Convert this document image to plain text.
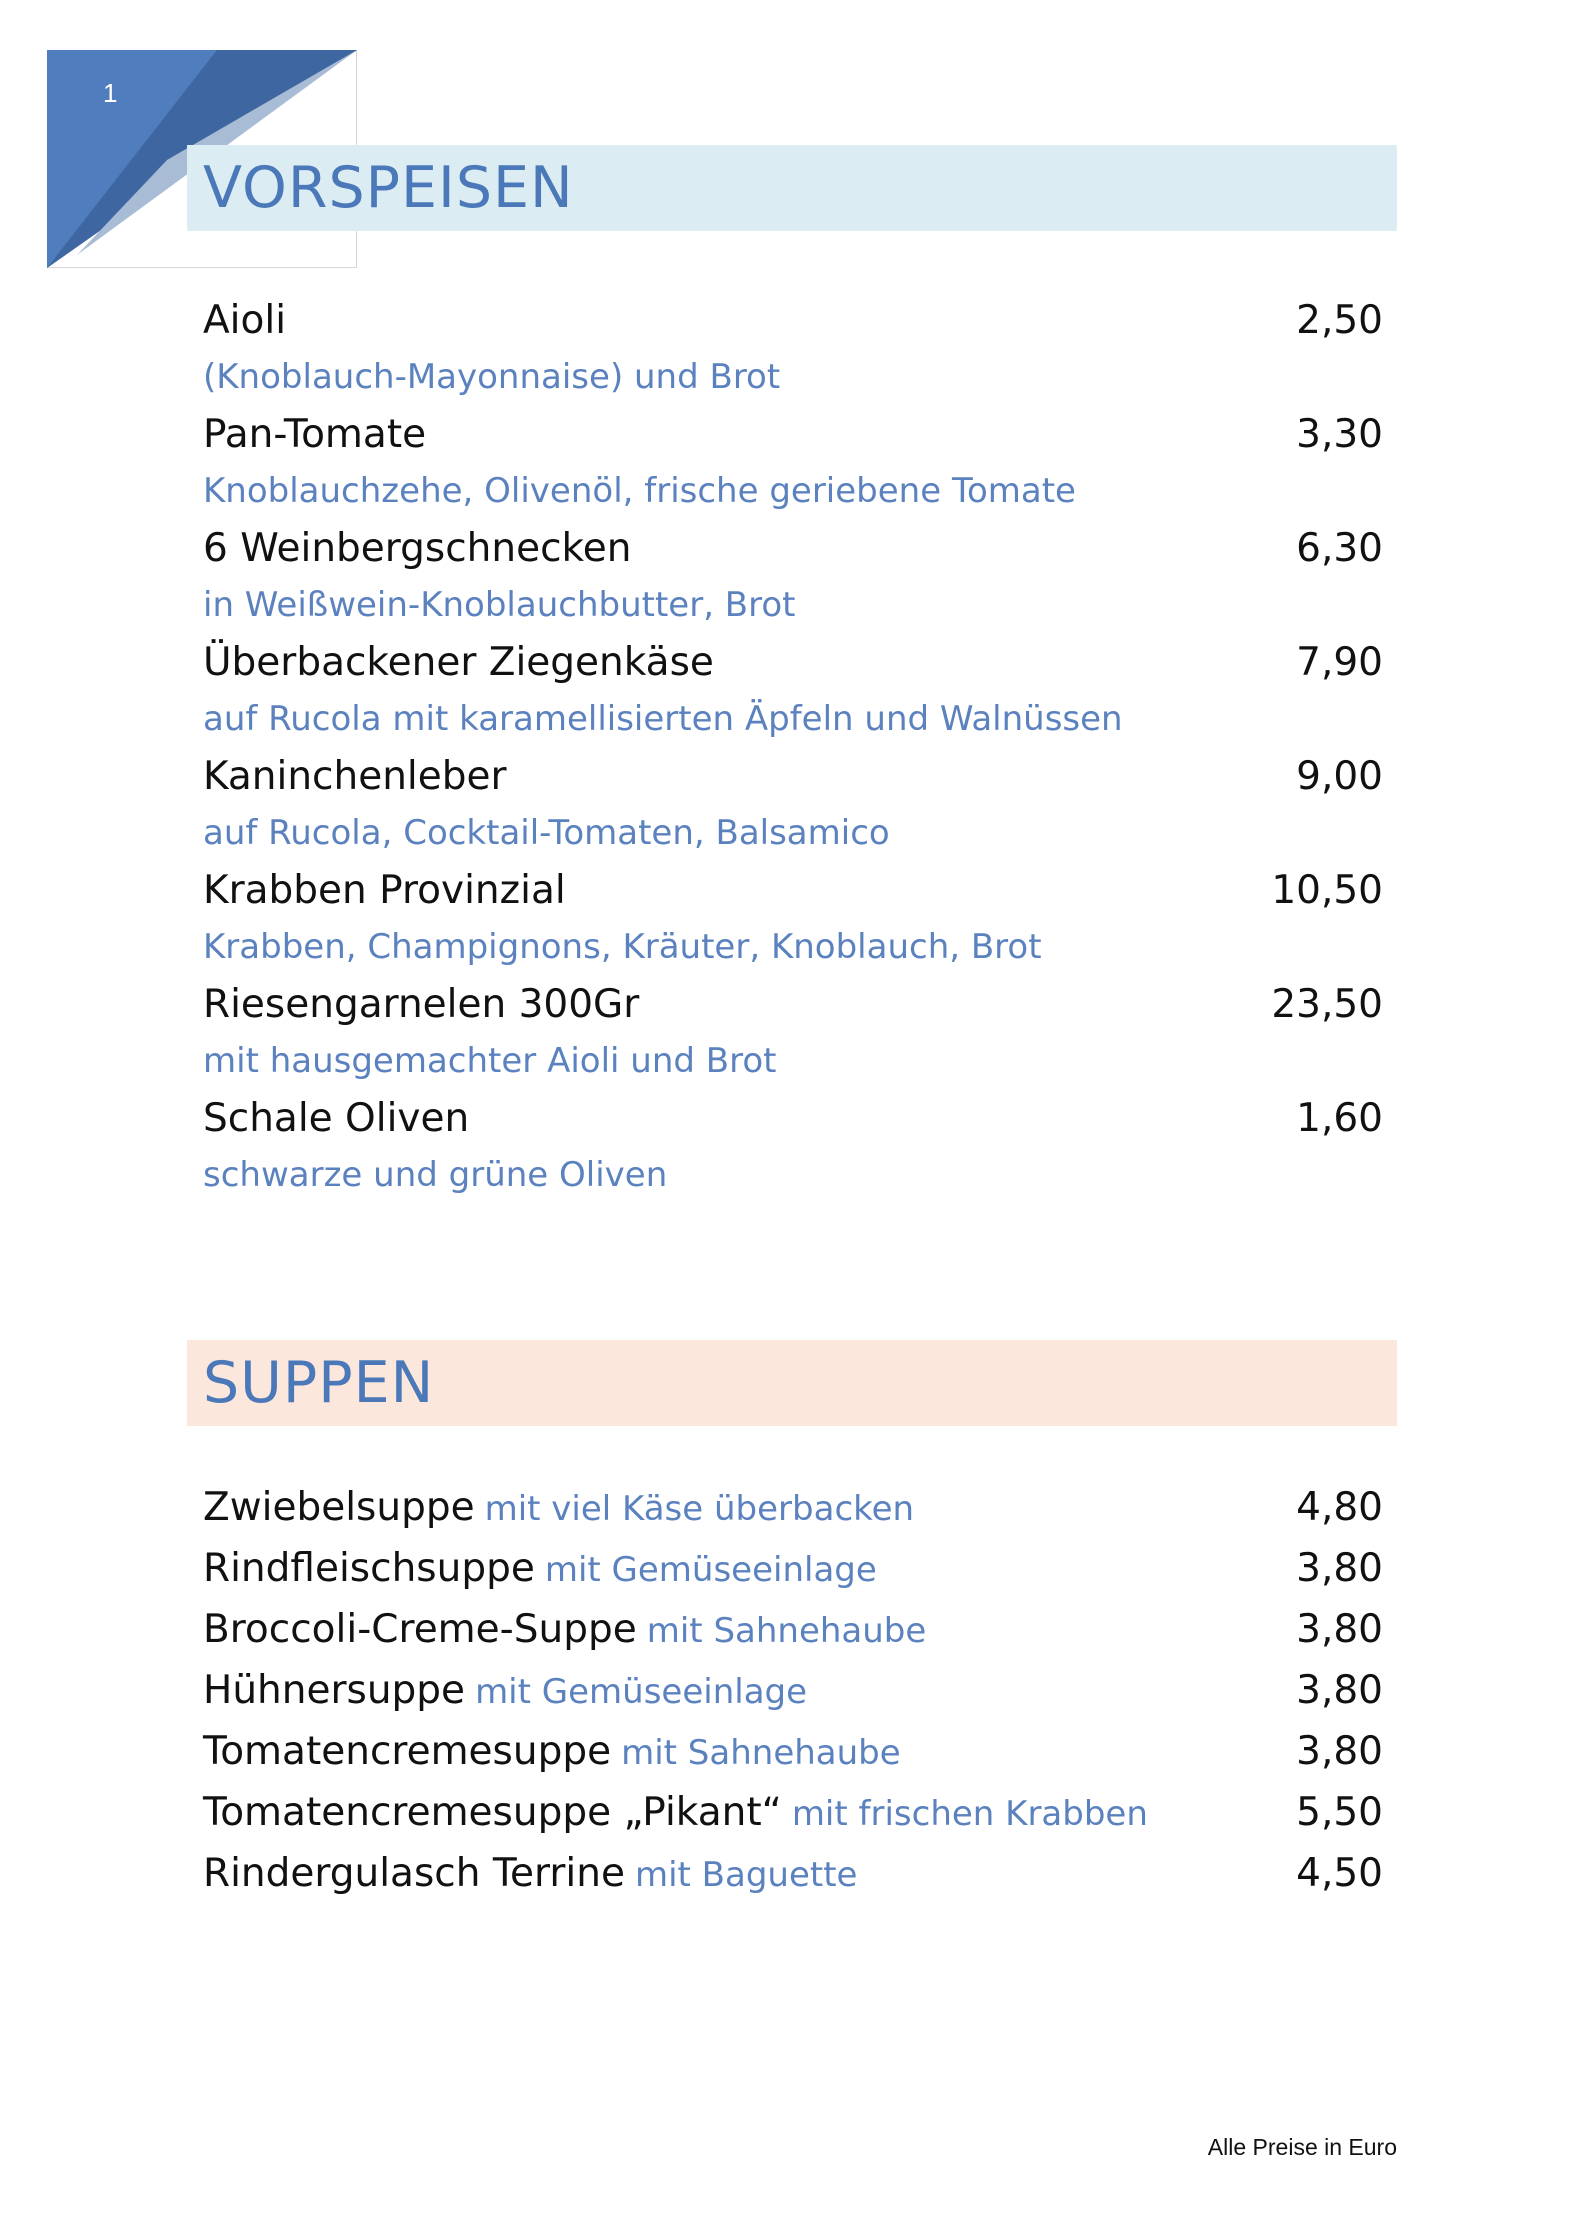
1
VORSPEISEN
Aioli	2,50
(Knoblauch-Mayonnaise) und Brot
Pan-Tomate	3,30
Knoblauchzehe, Olivenöl, frische geriebene Tomate
6 Weinbergschnecken	6,30
in Weißwein-Knoblauchbutter, Brot
Überbackener Ziegenkäse	7,90
auf Rucola mit karamellisierten Äpfeln und Walnüssen
Kaninchenleber	9,00
auf Rucola, Cocktail-Tomaten, Balsamico
Krabben Provinzial	10,50
Krabben, Champignons, Kräuter, Knoblauch, Brot
Riesengarnelen 300Gr	23,50
mit hausgemachter Aioli und Brot
Schale Oliven	1,60
schwarze und grüne Oliven
SUPPEN
Zwiebelsuppe mit viel Käse überbacken	4,80
Rindfleischsuppe mit Gemüseeinlage	3,80
Broccoli-Creme-Suppe mit Sahnehaube	3,80
Hühnersuppe mit Gemüseeinlage	3,80
Tomatencremesuppe mit Sahnehaube	3,80
Tomatencremesuppe „Pikant“ mit frischen Krabben	5,50
Rindergulasch Terrine mit Baguette	4,50
Alle Preise in Euro
